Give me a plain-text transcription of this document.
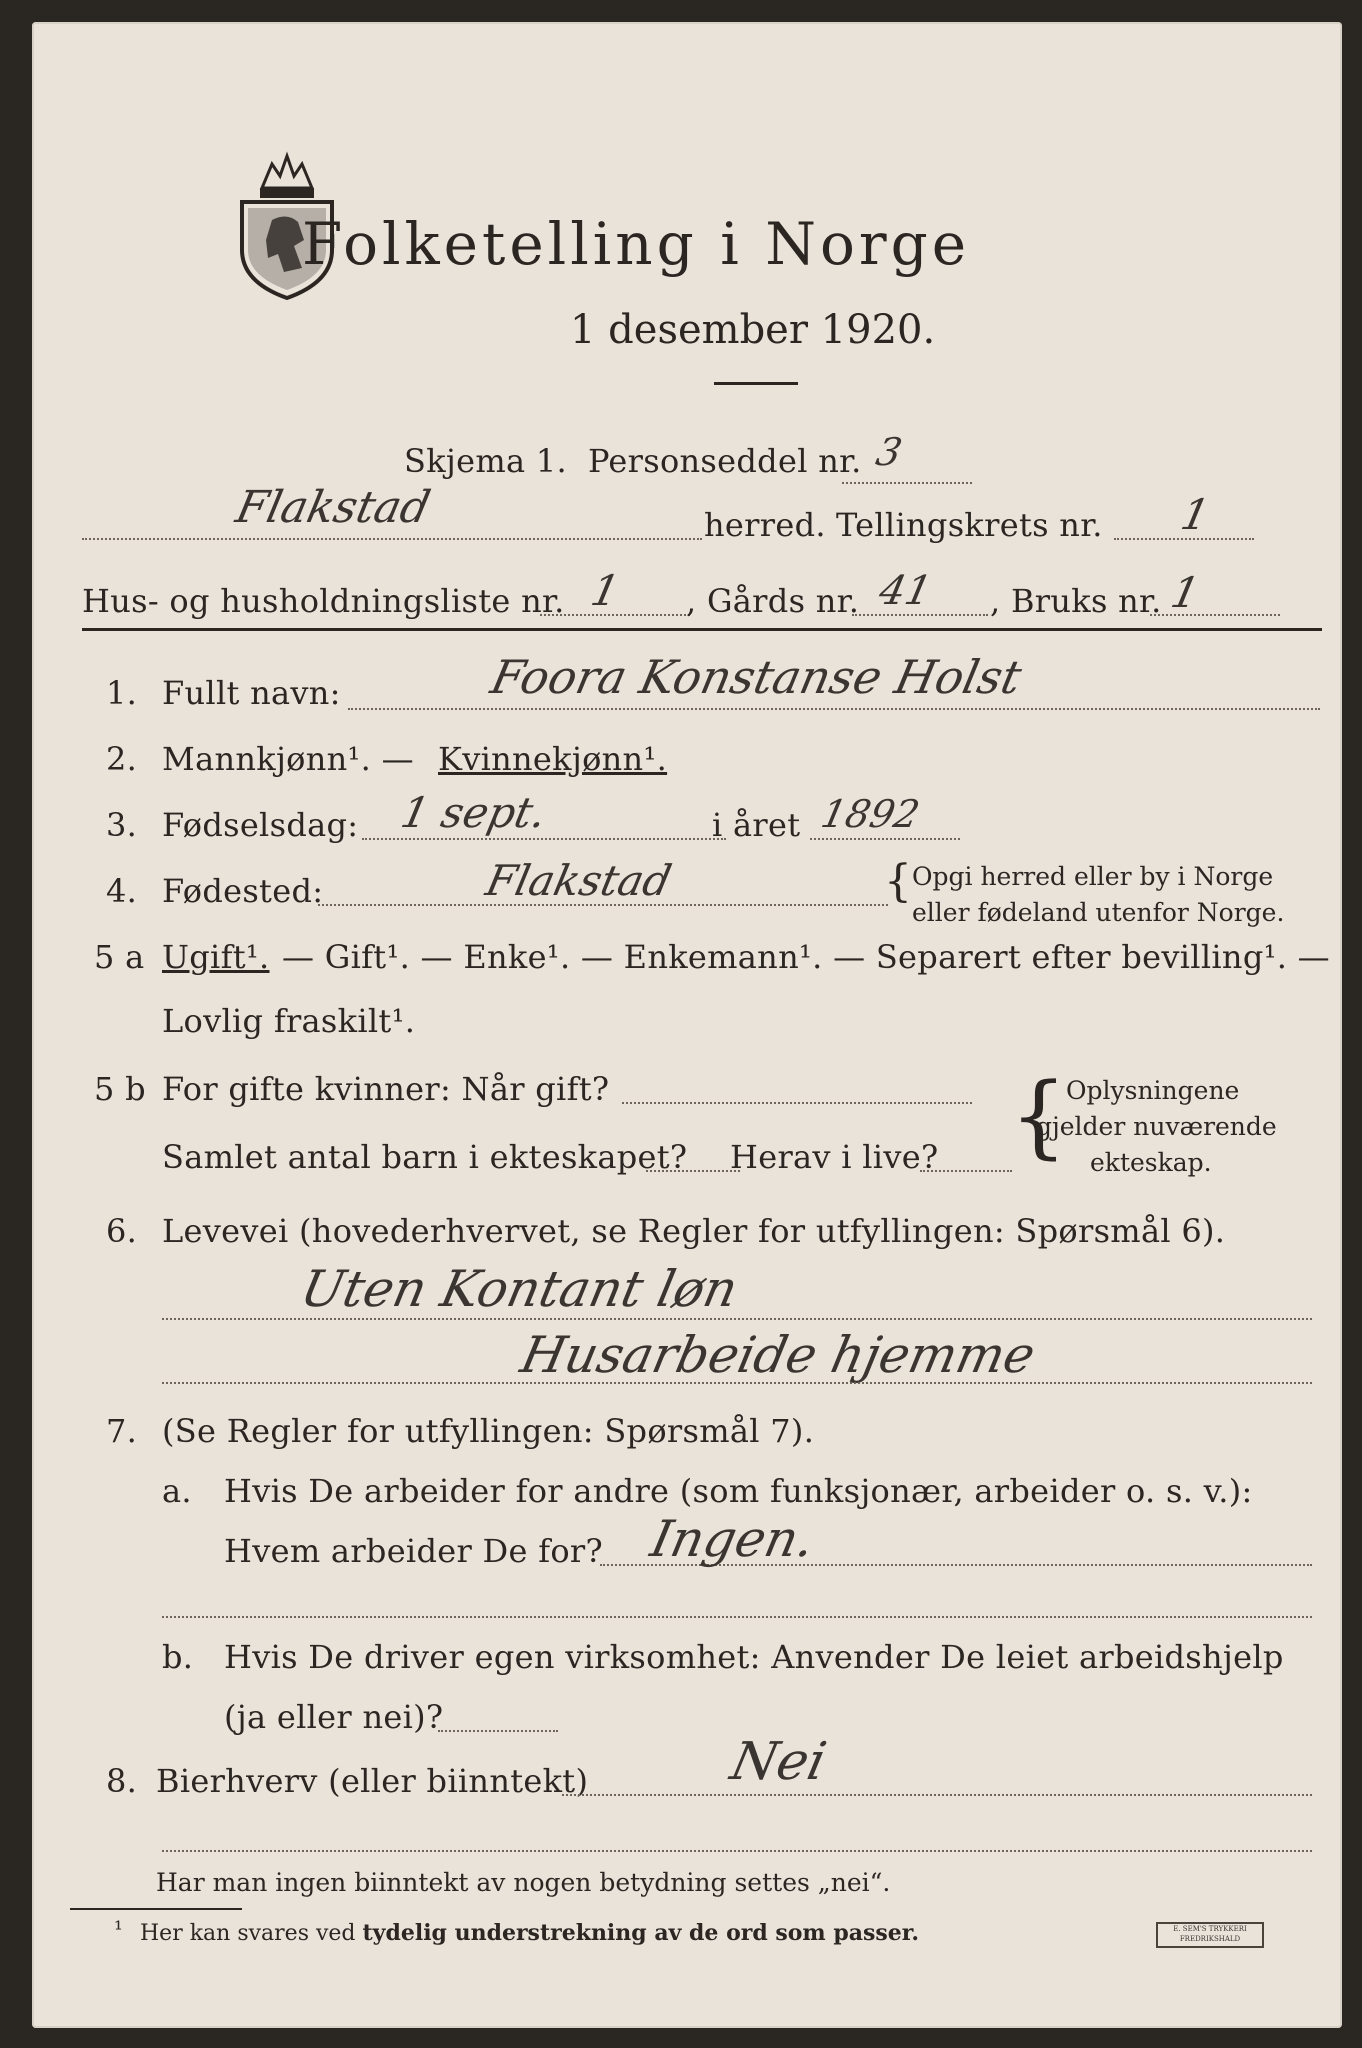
Folketelling i Norge
1 desember 1920.
Skjema 1. Personseddel nr. 3
Flakstad	herred. Tellingskrets nr. 1
Hus- og husholdningsliste nr. 1 , Gårds nr. 41 , Bruks nr. 1
1. Fullt navn:	Foora Konstanse Holst
2. Mannkjønn¹. — Kvinnekjønn¹.
3. Fødselsdag: 1 sept.	i året 1892
4. Fødested:	Flakstad	{ Opgi herred eller by i Norge
eller fødeland utenfor Norge.
5 a Ugift¹. — Gift¹. — Enke¹. — Enkemann¹. — Separert efter bevilling¹. —
Lovlig fraskilt¹.
5 b For gifte kvinner: Når gift?
Samlet antal barn i ekteskapet? Herav i live? {
Oplysningene
gjelder nuværende
ekteskap.
6. Levevei (hovederhvervet, se Regler for utfyllingen: Spørsmål 6).
Uten Kontant løn
Husarbeide hjemme
7. (Se Regler for utfyllingen: Spørsmål 7).
a. Hvis De arbeider for andre (som funksjonær, arbeider o. s. v.):
Hvem arbeider De for? Ingen.
b. Hvis De driver egen virksomhet: Anvender De leiet arbeidshjelp
(ja eller nei)?
8. Bierhverv (eller biinntekt)	Nei
Har man ingen biinntekt av nogen betydning settes „nei“.
¹ Her kan svares ved tydelig understrekning av de ord som passer.	E. SEM'S TRYKKERI FREDRIKSHALD
